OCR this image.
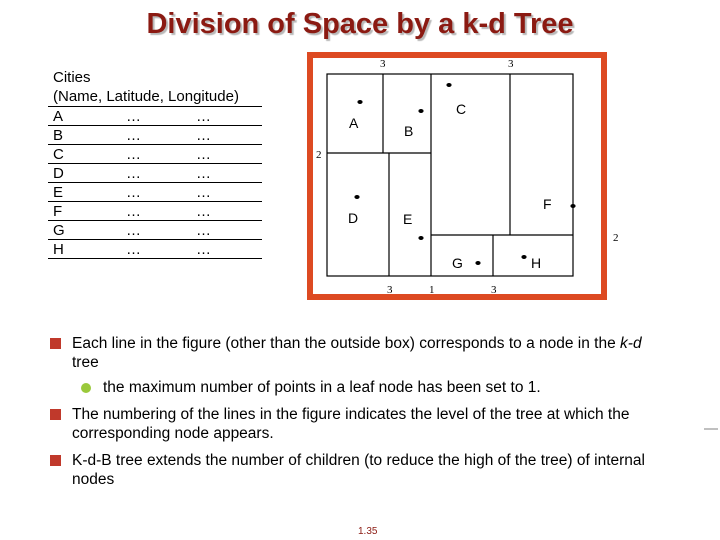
Division of Space by a k-d Tree
Cities
(Name, Latitude, Longitude)
A	…	…
B	…	…
C	…	…
D	…	…
E	…	…
F	…	…
G	…	…
H	…	…
A	B
C
D	E
F
G	H
3	3
2
2
3	1	3
Each line in the figure (other than the outside box) corresponds to a node in the k-d tree
the maximum number of points in a leaf node has been set to 1.
The numbering of the lines in the figure indicates the level of the tree at which the corresponding node appears.
K-d-B tree extends the number of children (to reduce the high of the tree) of internal nodes
1.35
